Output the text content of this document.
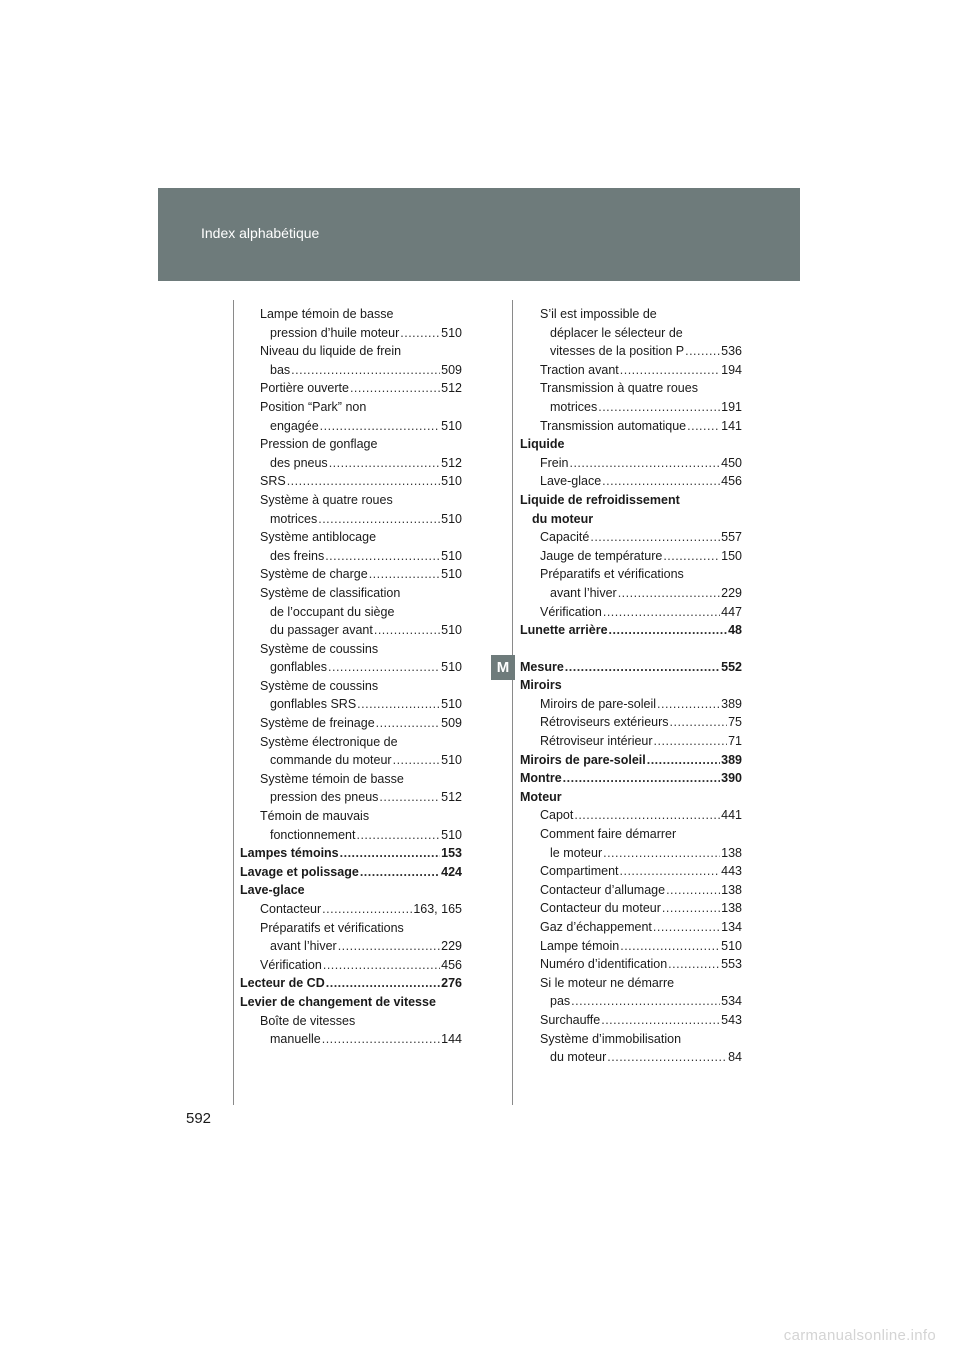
Index alphabétique
M
Lampe témoin de basse
pression d’huile moteur .....	510
Niveau du liquide de frein
bas .....	509
Portière ouverte .....	512
Position “Park” non
engagée .....	510
Pression de gonflage
des pneus .....	512
SRS .....	510
Système à quatre roues
motrices .....	510
Système antiblocage
des freins .....	510
Système de charge .....	510
Système de classification
de l’occupant du siège
du passager avant .....	510
Système de coussins
gonflables .....	510
Système de coussins
gonflables SRS .....	510
Système de freinage .....	509
Système électronique de
commande du moteur .....	510
Système témoin de basse
pression des pneus .....	512
Témoin de mauvais
fonctionnement .....	510
Lampes témoins .....	153
Lavage et polissage .....	424
Lave-glace
Contacteur .....	163, 165
Préparatifs et vérifications
avant l’hiver .....	229
Vérification .....	456
Lecteur de CD .....	276
Levier de changement de vitesse
Boîte de vitesses
manuelle .....	144
S’il est impossible de
déplacer le sélecteur de
vitesses de la position P .....	536
Traction avant .....	194
Transmission à quatre roues
motrices .....	191
Transmission automatique .....	141
Liquide
Frein .....	450
Lave-glace .....	456
Liquide de refroidissement
du moteur
Capacité .....	557
Jauge de température .....	150
Préparatifs et vérifications
avant l’hiver .....	229
Vérification .....	447
Lunette arrière .....	48
Mesure .....	552
Miroirs
Miroirs de pare-soleil .....	389
Rétroviseurs extérieurs .....	75
Rétroviseur intérieur .....	71
Miroirs de pare-soleil .....	389
Montre .....	390
Moteur
Capot .....	441
Comment faire démarrer
le moteur .....	138
Compartiment .....	443
Contacteur d’allumage .....	138
Contacteur du moteur .....	138
Gaz d’échappement .....	134
Lampe témoin .....	510
Numéro d’identification .....	553
Si le moteur ne démarre
pas .....	534
Surchauffe .....	543
Système d’immobilisation
du moteur .....	84
592
carmanualsonline.info
